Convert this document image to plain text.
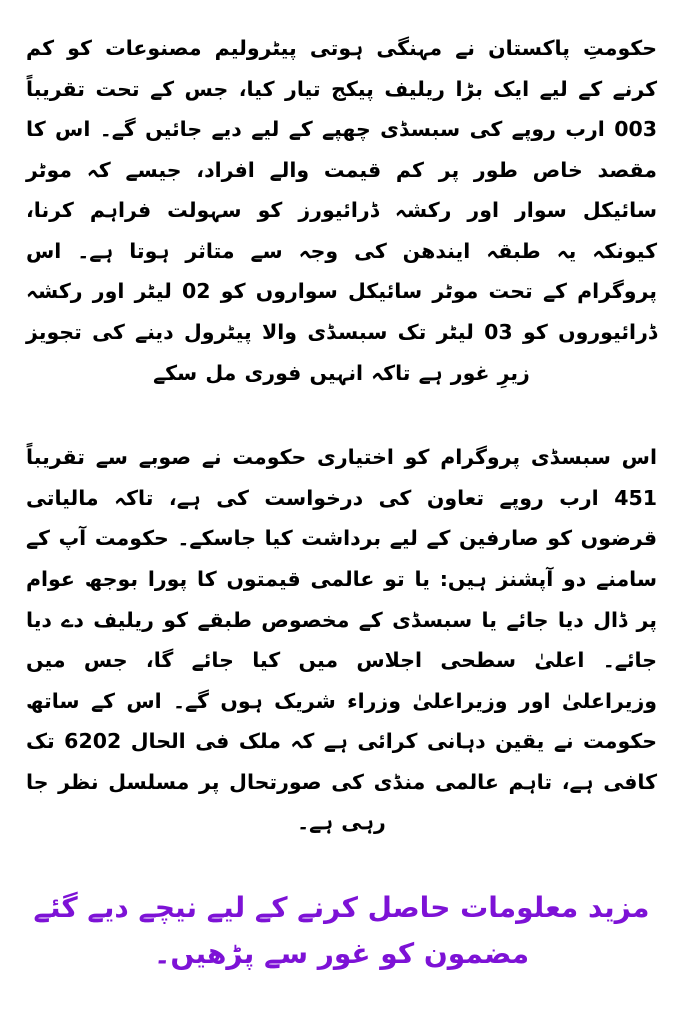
حکومتِ پاکستان نے مہنگی ہوتی پیٹرولیم مصنوعات کو کم کرنے کے لیے ایک بڑا ریلیف پیکج تیار کیا، جس کے تحت تقریباً 300 ارب روپے کی سبسڈی چھپے کے لیے دیے جائیں گے۔ اس کا مقصد خاص طور پر کم قیمت والے افراد، جیسے کہ موٹر سائیکل سوار اور رکشہ ڈرائیورز کو سہولت فراہم کرنا، کیونکہ یہ طبقہ ایندھن کی وجہ سے متاثر ہوتا ہے۔ اس پروگرام کے تحت موٹر سائیکل سواروں کو 20 لیٹر اور رکشہ ڈرائیوروں کو 30 لیٹر تک سبسڈی والا پیٹرول دینے کی تجویز زیرِ غور ہے تاکہ انہیں فوری مل سکے

اس سبسڈی پروگرام کو اختیاری حکومت نے صوبے سے تقریباً 154 ارب روپے تعاون کی درخواست کی ہے، تاکہ مالیاتی قرضوں کو صارفین کے لیے برداشت کیا جاسکے۔ حکومت آپ کے سامنے دو آپشنز ہیں: یا تو عالمی قیمتوں کا پورا بوجھ عوام پر ڈال دیا جائے یا سبسڈی کے مخصوص طبقے کو ریلیف دے دیا جائے۔ اعلیٰ سطحی اجلاس میں کیا جائے گا، جس میں وزیراعلیٰ اور وزیراعلیٰ وزراء شریک ہوں گے۔ اس کے ساتھ حکومت نے یقین دہانی کرائی ہے کہ ملک فی الحال 2026 تک کافی ہے، تاہم عالمی منڈی کی صورتحال پر مسلسل نظر جا رہی ہے۔

مزید معلومات حاصل کرنے کے لیے نیچے دیے گئے مضمون کو غور سے پڑھیں۔
